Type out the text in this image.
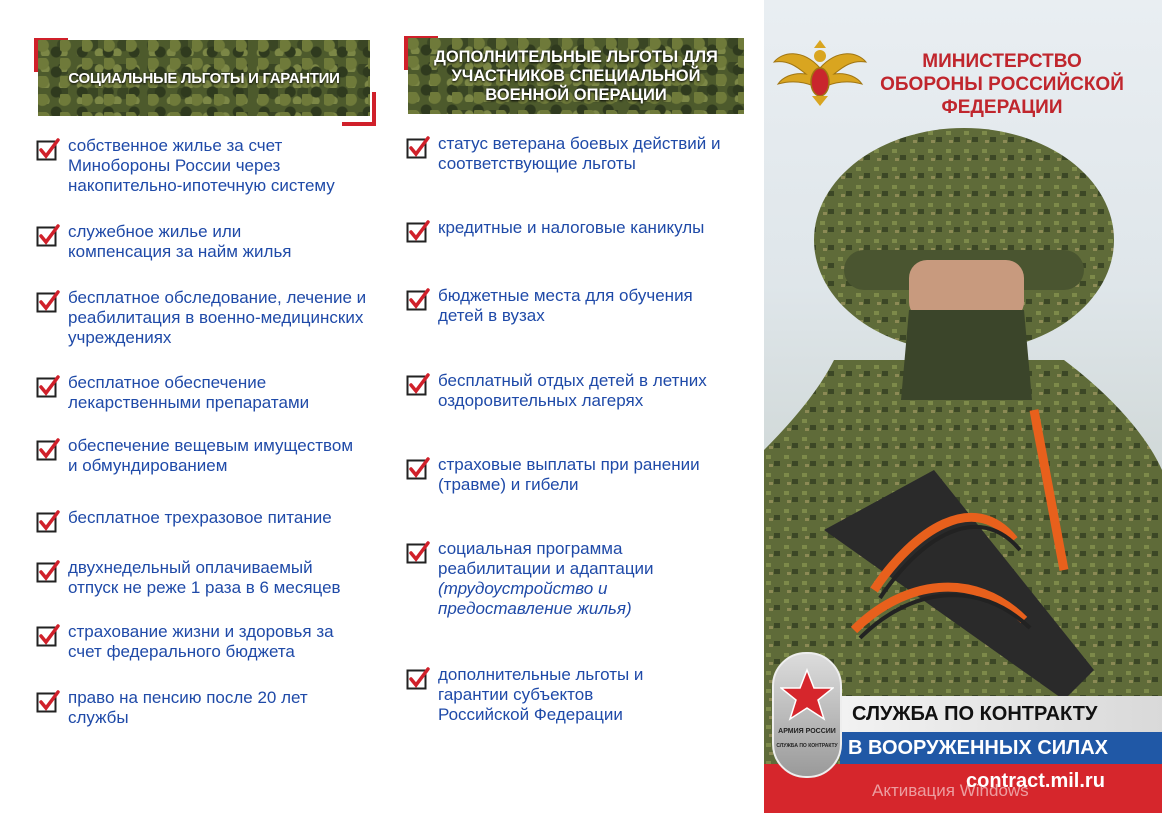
СОЦИАЛЬНЫЕ ЛЬГОТЫ И ГАРАНТИИ
ДОПОЛНИТЕЛЬНЫЕ ЛЬГОТЫ ДЛЯ УЧАСТНИКОВ СПЕЦИАЛЬНОЙ ВОЕННОЙ ОПЕРАЦИИ
собственное жилье за счет Минобороны России через накопительно-ипотечную систему
служебное жилье или компенсация за найм жилья
бесплатное обследование, лечение и реабилитация в военно-медицинских учреждениях
бесплатное обеспечение лекарственными препаратами
обеспечение вещевым имуществом и обмундированием
бесплатное трехразовое питание
двухнедельный оплачиваемый отпуск не реже 1 раза в 6 месяцев
страхование жизни и здоровья за счет федерального бюджета
право на пенсию после 20 лет службы
статус ветерана боевых действий и соответствующие льготы
кредитные и налоговые каникулы
бюджетные места для обучения детей в вузах
бесплатный отдых детей в летних оздоровительных лагерях
страховые выплаты при ранении (травме) и гибели
социальная программа реабилитации и адаптации
(трудоустройство и предоставление жилья)
дополнительные льготы и гарантии субъектов Российской Федерации
МИНИСТЕРСТВО ОБОРОНЫ РОССИЙСКОЙ ФЕДЕРАЦИИ
СЛУЖБА ПО КОНТРАКТУ
В ВООРУЖЕННЫХ СИЛАХ
contract.mil.ru
АРМИЯ РОССИИ
СЛУЖБА ПО КОНТРАКТУ
Активация Windows
